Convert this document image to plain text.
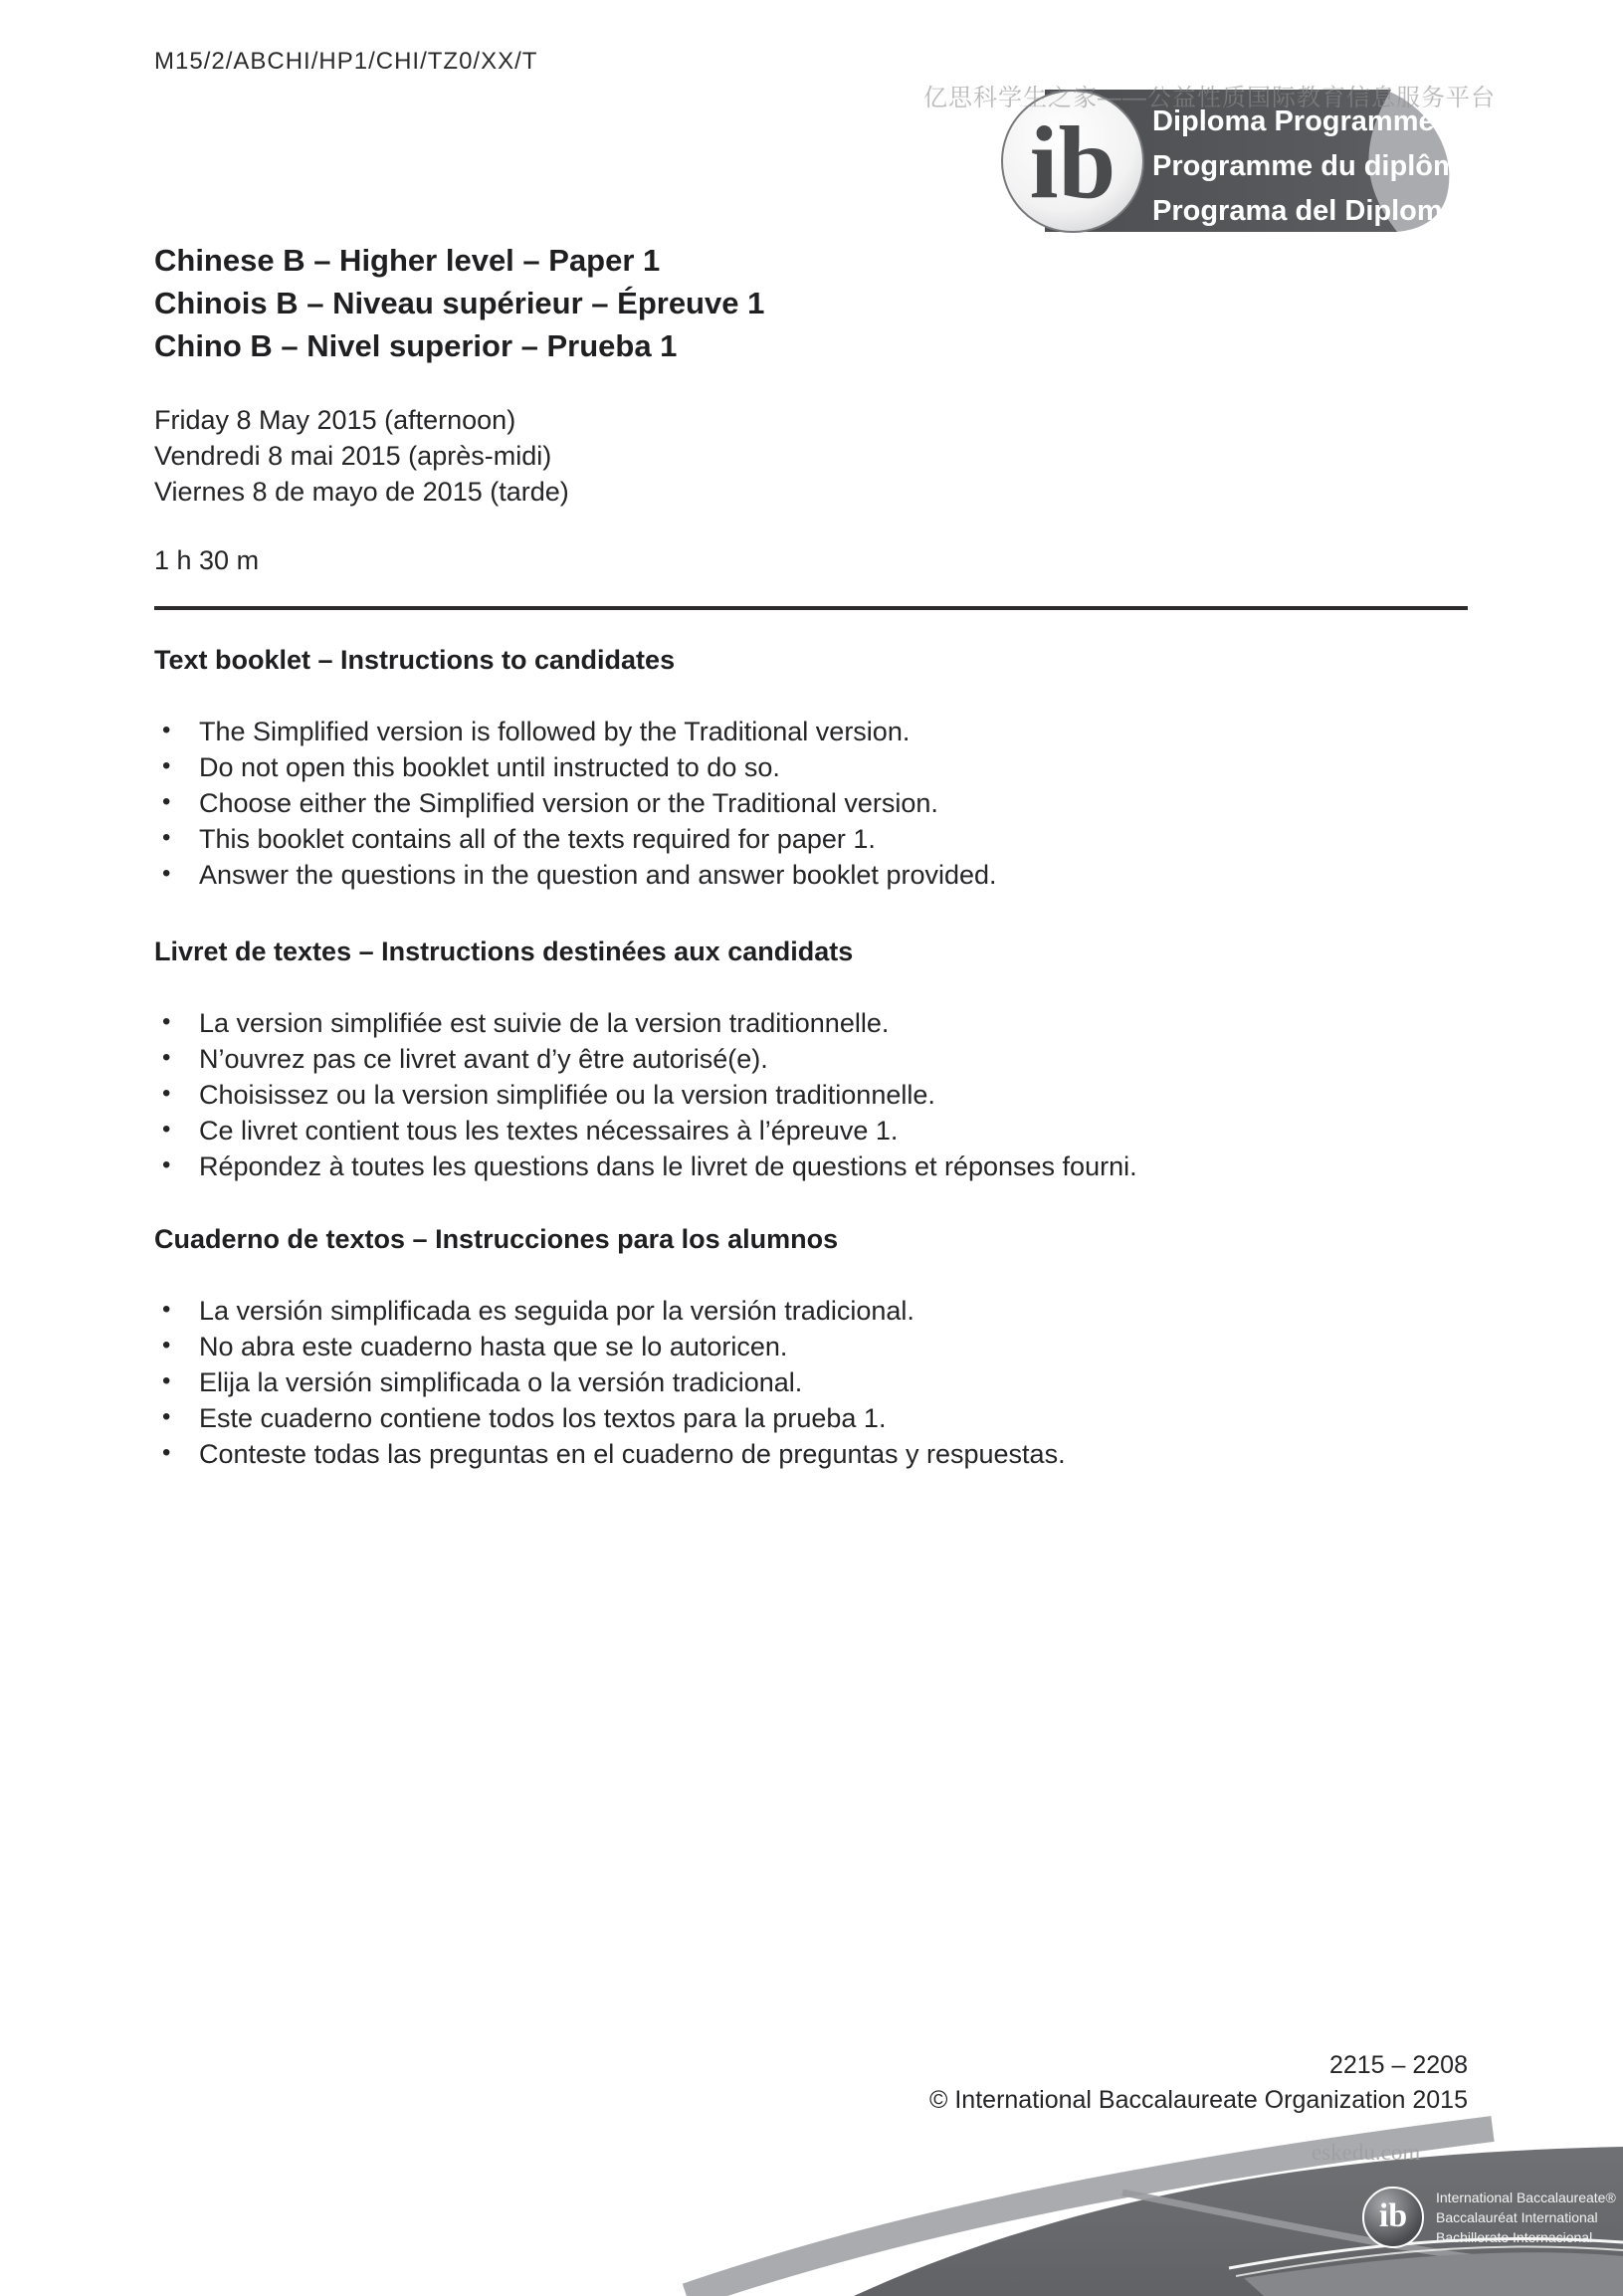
M15/2/ABCHI/HP1/CHI/TZ0/XX/T
ib Diploma Programme
Programme du diplôme
Programa del Diploma
亿思科学生之家——公益性质国际教育信息服务平台
Chinese B – Higher level – Paper 1
Chinois B – Niveau supérieur – Épreuve 1
Chino B – Nivel superior – Prueba 1
Friday 8 May 2015 (afternoon)
Vendredi 8 mai 2015 (après-midi)
Viernes 8 de mayo de 2015 (tarde)
1 h 30 m
Text booklet – Instructions to candidates
• The Simplified version is followed by the Traditional version.
• Do not open this booklet until instructed to do so.
• Choose either the Simplified version or the Traditional version.
• This booklet contains all of the texts required for paper 1.
• Answer the questions in the question and answer booklet provided.
Livret de textes – Instructions destinées aux candidats
• La version simplifiée est suivie de la version traditionnelle.
• N’ouvrez pas ce livret avant d’y être autorisé(e).
• Choisissez ou la version simplifiée ou la version traditionnelle.
• Ce livret contient tous les textes nécessaires à l’épreuve 1.
• Répondez à toutes les questions dans le livret de questions et réponses fourni.
Cuaderno de textos – Instrucciones para los alumnos
• La versión simplificada es seguida por la versión tradicional.
• No abra este cuaderno hasta que se lo autoricen.
• Elija la versión simplificada o la versión tradicional.
• Este cuaderno contiene todos los textos para la prueba 1.
• Conteste todas las preguntas en el cuaderno de preguntas y respuestas.
2215 – 2208
© International Baccalaureate Organization 2015
eskedu.com
ib	International Baccalaureate®
Baccalauréat International
Bachillerato Internacional
